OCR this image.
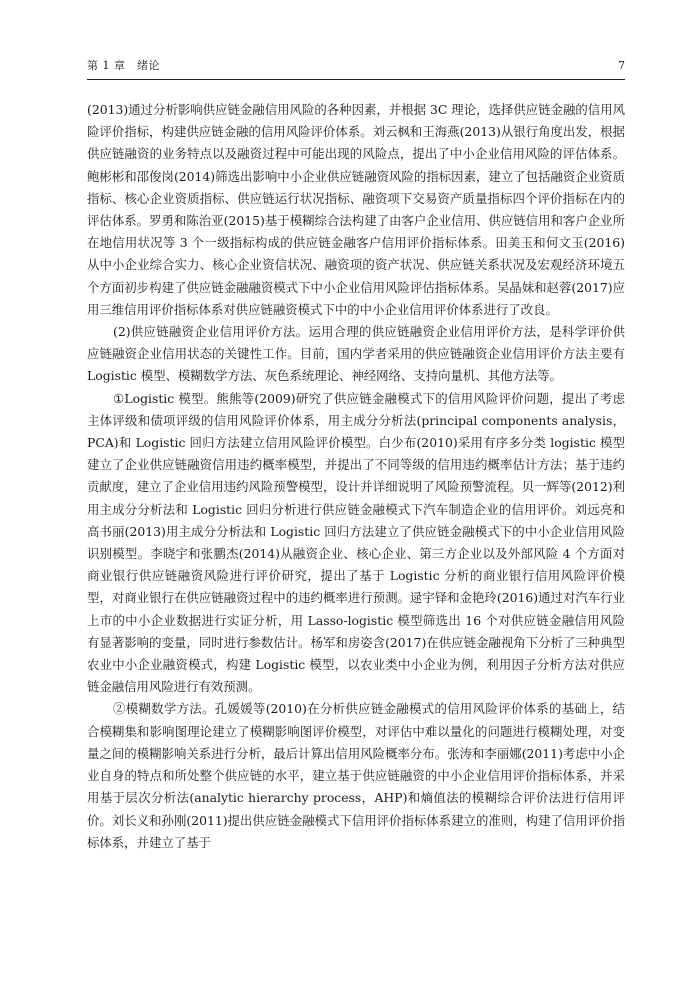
第 1 章　绪论	7

(2013)通过分析影响供应链金融信用风险的各种因素，并根据 3C 理论，选择供应链金融的信用风险评价指标，构建供应链金融的信用风险评价体系。刘云枫和王海燕(2013)从银行角度出发，根据供应链融资的业务特点以及融资过程中可能出现的风险点，提出了中小企业信用风险的评估体系。鲍彬彬和邵俊岗(2014)筛选出影响中小企业供应链融资风险的指标因素，建立了包括融资企业资质指标、核心企业资质指标、供应链运行状况指标、融资项下交易资产质量指标四个评价指标在内的评估体系。罗勇和陈治亚(2015)基于模糊综合法构建了由客户企业信用、供应链信用和客户企业所在地信用状况等 3 个一级指标构成的供应链金融客户信用评价指标体系。田美玉和何文玉(2016)从中小企业综合实力、核心企业资信状况、融资项的资产状况、供应链关系状况及宏观经济环境五个方面初步构建了供应链金融融资模式下中小企业信用风险评估指标体系。吴晶妹和赵蓉(2017)应用三维信用评价指标体系对供应链融资模式下中的中小企业信用评价体系进行了改良。

(2)供应链融资企业信用评价方法。运用合理的供应链融资企业信用评价方法，是科学评价供应链融资企业信用状态的关键性工作。目前，国内学者采用的供应链融资企业信用评价方法主要有 Logistic 模型、模糊数学方法、灰色系统理论、神经网络、支持向量机、其他方法等。

①Logistic 模型。熊熊等(2009)研究了供应链金融模式下的信用风险评价问题，提出了考虑主体评级和债项评级的信用风险评价体系，用主成分分析法(principal components analysis，PCA)和 Logistic 回归方法建立信用风险评价模型。白少布(2010)采用有序多分类 logistic 模型建立了企业供应链融资信用违约概率模型，并提出了不同等级的信用违约概率估计方法；基于违约贡献度，建立了企业信用违约风险预警模型，设计并详细说明了风险预警流程。贝一辉等(2012)利用主成分分析法和 Logistic 回归分析进行供应链金融模式下汽车制造企业的信用评价。刘远亮和高书丽(2013)用主成分分析法和 Logistic 回归方法建立了供应链金融模式下的中小企业信用风险识别模型。李晓宇和张鹏杰(2014)从融资企业、核心企业、第三方企业以及外部风险 4 个方面对商业银行供应链融资风险进行评价研究，提出了基于 Logistic 分析的商业银行信用风险评价模型，对商业银行在供应链融资过程中的违约概率进行预测。逯宇铎和金艳玲(2016)通过对汽车行业上市的中小企业数据进行实证分析，用 Lasso-logistic 模型筛选出 16 个对供应链金融信用风险有显著影响的变量，同时进行参数估计。杨军和房姿含(2017)在供应链金融视角下分析了三种典型农业中小企业融资模式，构建 Logistic 模型，以农业类中小企业为例，利用因子分析方法对供应链金融信用风险进行有效预测。

②模糊数学方法。孔媛媛等(2010)在分析供应链金融模式的信用风险评价体系的基础上，结合模糊集和影响图理论建立了模糊影响图评价模型，对评估中难以量化的问题进行模糊处理，对变量之间的模糊影响关系进行分析，最后计算出信用风险概率分布。张涛和李丽娜(2011)考虑中小企业自身的特点和所处整个供应链的水平，建立基于供应链融资的中小企业信用评价指标体系，并采用基于层次分析法(analytic hierarchy process，AHP)和熵值法的模糊综合评价法进行信用评价。刘长义和孙刚(2011)提出供应链金融模式下信用评价指标体系建立的准则，构建了信用评价指标体系，并建立了基于
